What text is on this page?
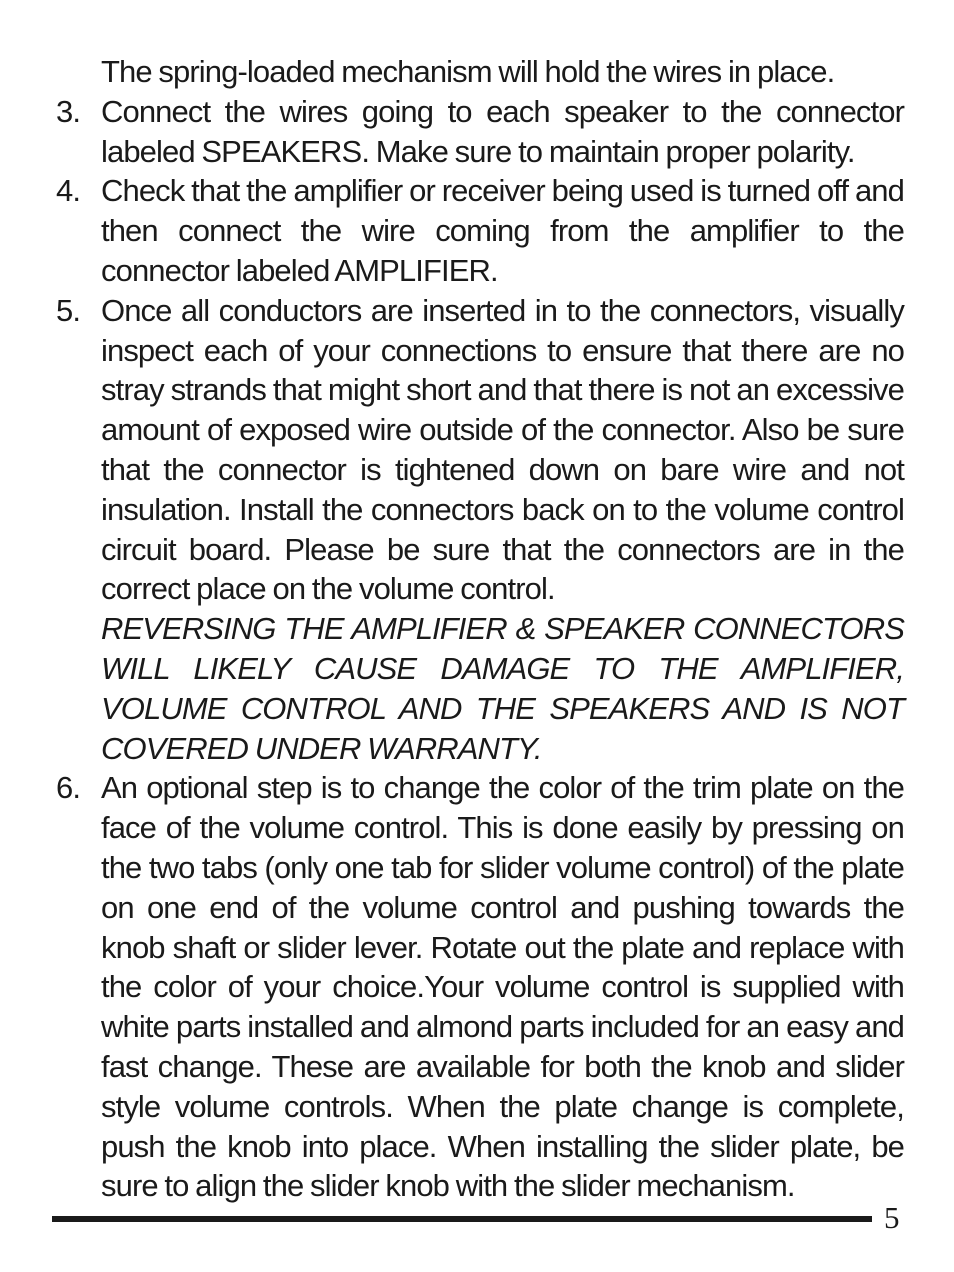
The spring-loaded mechanism will hold the wires in place.
3. Connect the wires going to each speaker to the connector labeled SPEAKERS. Make sure to maintain proper polarity.

4. Check that the amplifier or receiver being used is turned off and then connect the wire coming from the amplifier to the connector labeled AMPLIFIER.

5. Once all conductors are inserted in to the connectors, visually inspect each of your connections to ensure that there are no stray strands that might short and that there is not an excessive amount of exposed wire outside of the connector. Also be sure that the connector is tightened down on bare wire and not insulation. Install the connectors back on to the volume control circuit board. Please be sure that the connectors are in the correct place on the volume control.

REVERSING THE AMPLIFIER & SPEAKER CONNECTORS WILL LIKELY CAUSE DAMAGE TO THE AMPLIFIER, VOLUME CONTROL AND THE SPEAKERS AND IS NOT COVERED UNDER WARRANTY.

6. An optional step is to change the color of the trim plate on the face of the volume control. This is done easily by pressing on the two tabs (only one tab for slider volume control) of the plate on one end of the volume control and pushing towards the knob shaft or slider lever. Rotate out the plate and replace with the color of your choice.Your volume control is supplied with white parts installed and almond parts included for an easy and fast change. These are available for both the knob and slider style volume controls. When the plate change is complete, push the knob into place. When installing the slider plate, be sure to align the slider knob with the slider mechanism.

5
